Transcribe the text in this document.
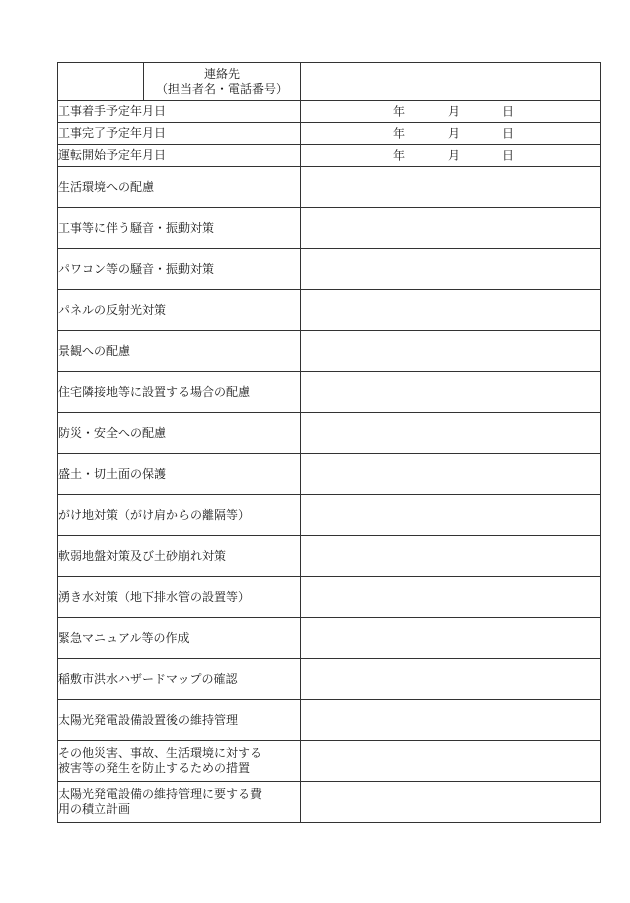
	連絡先
（担当者名・電話番号）	

工事着手予定年月日		年 月 日

工事完了予定年月日		年 月 日

運転開始予定年月日		年 月 日

生活環境への配慮		
工事等に伴う騒音・振動対策		
パワコン等の騒音・振動対策		
パネルの反射光対策		
景観への配慮		
住宅隣接地等に設置する場合の配慮		
防災・安全への配慮		
盛土・切土面の保護		
がけ地対策（がけ肩からの離隔等）		
軟弱地盤対策及び土砂崩れ対策		
湧き水対策（地下排水管の設置等）		
緊急マニュアル等の作成		
稲敷市洪水ハザードマップの確認		
太陽光発電設備設置後の維持管理		

その他災害、事故、生活環境に対する
被害等の発生を防止するための措置		

太陽光発電設備の維持管理に要する費
用の積立計画		
